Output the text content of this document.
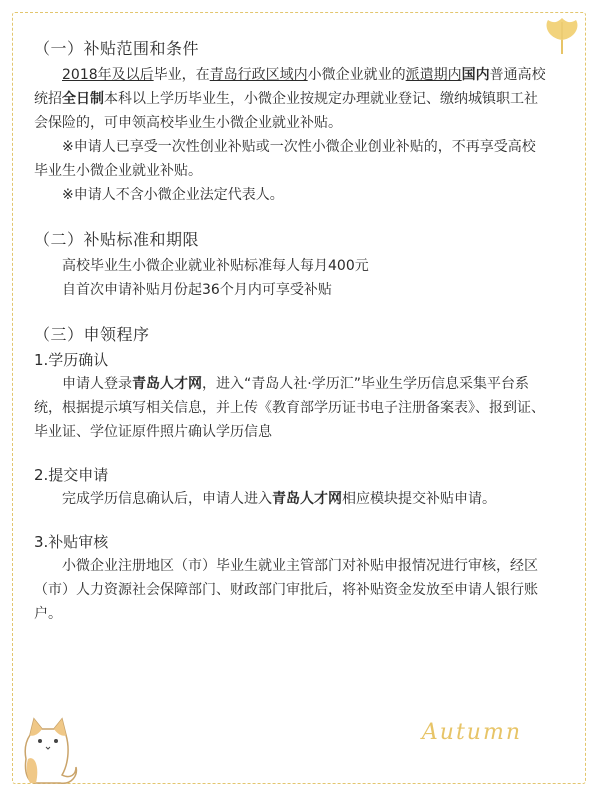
（一）补贴范围和条件

2018年及以后毕业，在青岛行政区域内小微企业就业的派遣期内国内普通高校统招全日制本科以上学历毕业生，小微企业按规定办理就业登记、缴纳城镇职工社会保险的，可申领高校毕业生小微企业就业补贴。

※申请人已享受一次性创业补贴或一次性小微企业创业补贴的，不再享受高校毕业生小微企业就业补贴。

※申请人不含小微企业法定代表人。

（二）补贴标准和期限

高校毕业生小微企业就业补贴标准每人每月400元

自首次申请补贴月份起36个月内可享受补贴

（三）申领程序
1.学历确认

申请人登录青岛人才网，进入“青岛人社·学历汇”毕业生学历信息采集平台系统，根据提示填写相关信息，并上传《教育部学历证书电子注册备案表》、报到证、毕业证、学位证原件照片确认学历信息

2.提交申请

完成学历信息确认后，申请人进入青岛人才网相应模块提交补贴申请。

3.补贴审核

小微企业注册地区（市）毕业生就业主管部门对补贴申报情况进行审核，经区（市）人力资源社会保障部门、财政部门审批后，将补贴资金发放至申请人银行账户。

Autumn
